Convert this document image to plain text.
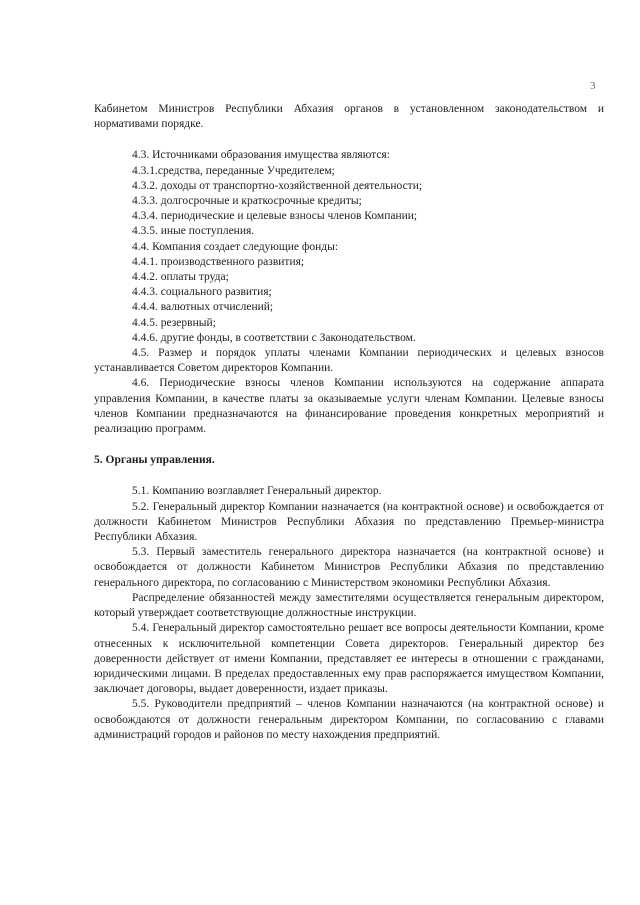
3

Кабинетом Министров Республики Абхазия органов в установленном законодательством и нормативами порядке.

4.3. Источниками образования имущества являются:

4.3.1.средства, переданные Учредителем;

4.3.2. доходы от транспортно-хозяйственной деятельности;

4.3.3. долгосрочные и краткосрочные кредиты;

4.3.4. периодические и целевые взносы членов Компании;

4.3.5. иные поступления.

4.4. Компания создает следующие фонды:

4.4.1. производственного развития;

4.4.2. оплаты труда;

4.4.3. социального развития;

4.4.4. валютных отчислений;

4.4.5. резервный;

4.4.6. другие фонды, в соответствии с Законодательством.

4.5. Размер и порядок уплаты членами Компании периодических и целевых взносов устанавливается Советом директоров Компании.

4.6. Периодические взносы членов Компании используются на содержание аппарата управления Компании, в качестве платы за оказываемые услуги членам Компании. Целевые взносы членов Компании предназначаются на финансирование проведения конкретных мероприятий и реализацию программ.

5. Органы управления.

5.1. Компанию возглавляет Генеральный директор.

5.2. Генеральный директор Компании назначается (на контрактной основе) и освобождается от должности Кабинетом Министров Республики Абхазия по представлению Премьер-министра Республики Абхазия.

5.3. Первый заместитель генерального директора назначается (на контрактной основе) и освобождается от должности Кабинетом Министров Республики Абхазия по представлению генерального директора, по согласованию с Министерством экономики Республики Абхазия.

Распределение обязанностей между заместителями осуществляется генеральным директором, который утверждает соответствующие должностные инструкции.

5.4. Генеральный директор самостоятельно решает все вопросы деятельности Компании, кроме отнесенных к исключительной компетенции Совета директоров. Генеральный директор без доверенности действует от имени Компании, представляет ее интересы в отношении с гражданами, юридическими лицами. В пределах предоставленных ему прав распоряжается имуществом Компании, заключает договоры, выдает доверенности, издает приказы.

5.5. Руководители предприятий – членов Компании назначаются (на контрактной основе) и освобождаются от должности генеральным директором Компании, по согласованию с главами администраций городов и районов по месту нахождения предприятий.
